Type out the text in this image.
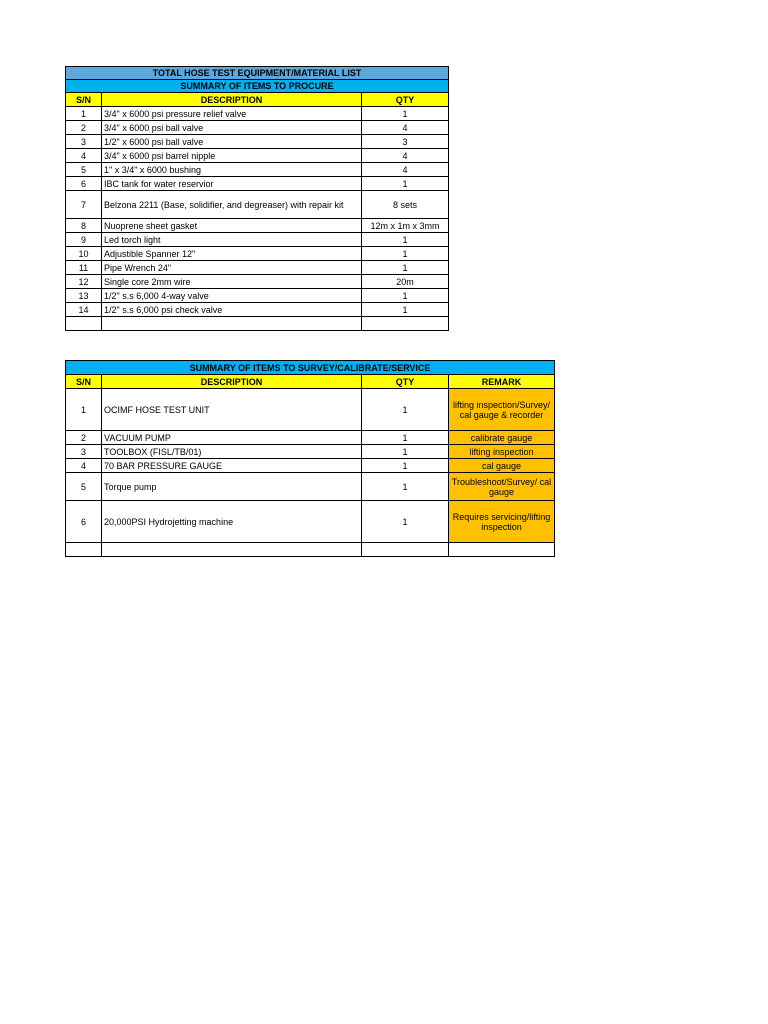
TOTAL HOSE TEST EQUIPMENT/MATERIAL LIST		
SUMMARY OF ITEMS TO PROCURE		
S/N	DESCRIPTION	QTY
1	3/4" x 6000 psi pressure relief valve	1
2	3/4" x 6000 psi ball valve	4
3	1/2" x 6000 psi ball valve	3
4	3/4" x 6000 psi barrel nipple	4
5	1" x 3/4" x 6000 bushing	4
6	IBC tank for water reservior	1
7	Belzona 2211 (Base, solidifier, and degreaser) with repair kit	8 sets
8	Nuoprene sheet gasket	12m x 1m x 3mm
9	Led torch light	1
10	Adjustible Spanner 12"	1
11	Pipe Wrench 24"	1
12	Single core 2mm wire	20m
13	1/2" s.s 6,000 4-way valve	1
14	1/2" s.s 6,000 psi check valve	1

SUMMARY OF ITEMS TO SURVEY/CALIBRATE/SERVICE			
S/N	DESCRIPTION	QTY	REMARK
1	OCIMF HOSE TEST UNIT	1	lifting inspection/Survey/ cal gauge & recorder
2	VACUUM PUMP	1	calibrate gauge
3	TOOLBOX (FISL/TB/01)	1	lifting inspection
4	70 BAR PRESSURE GAUGE	1	cal gauge
5	Torque pump	1	Troubleshoot/Survey/ cal gauge
6	20,000PSI Hydrojetting machine	1	Requires servicing/lifting inspection
